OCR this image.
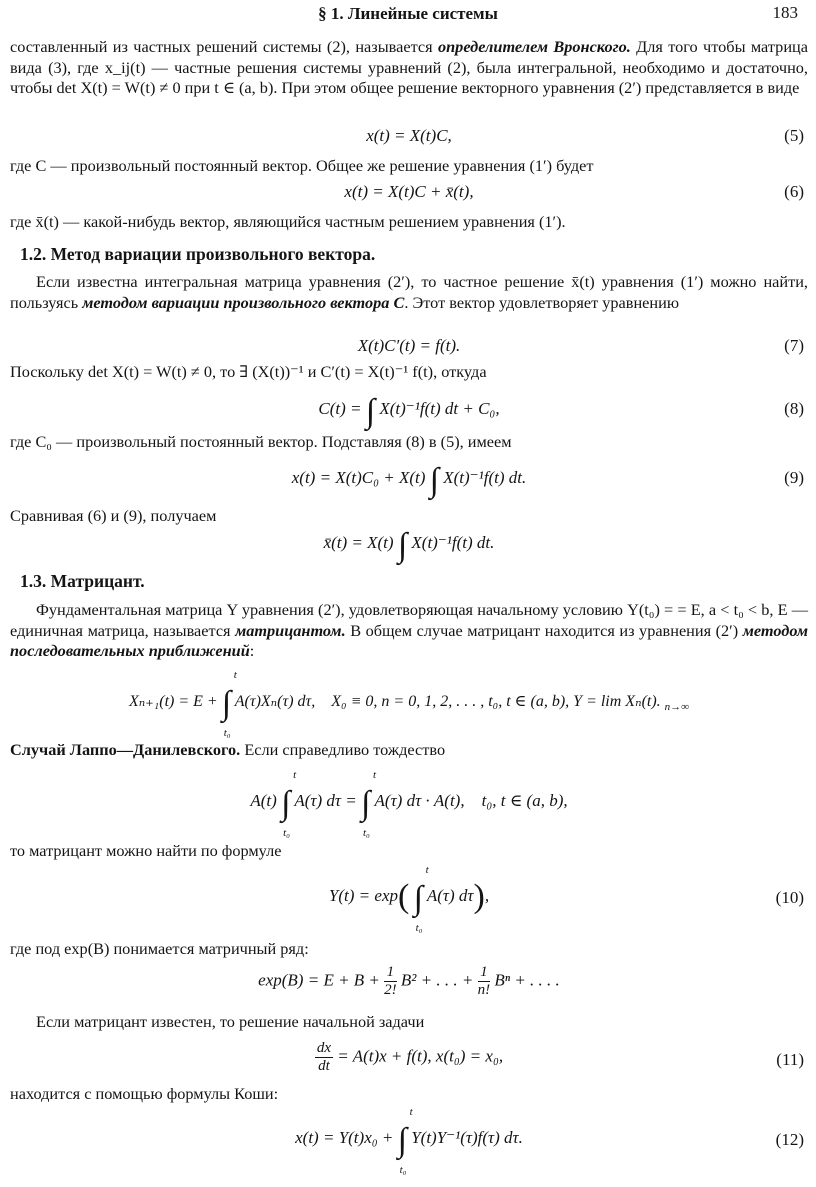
§ 1. Линейные системы	183
составленный из частных решений системы (2), называется определителем Вронского. Для того чтобы матрица вида (3), где x_ij(t) — частные решения системы уравнений (2), была интегральной, необходимо и достаточно, чтобы det X(t) = W(t) ≠ 0 при t ∈ (a, b). При этом общее решение векторного уравнения (2′) представляется в виде
x(t) = X(t)C,	(5)
где C — произвольный постоянный вектор. Общее же решение уравнения (1′) будет
x(t) = X(t)C + x̄(t),	(6)
где x̄(t) — какой-нибудь вектор, являющийся частным решением уравнения (1′).
1.2. Метод вариации произвольного вектора.
Если известна интегральная матрица уравнения (2′), то частное решение x̄(t) уравнения (1′) можно найти, пользуясь методом вариации произвольного вектора C. Этот вектор удовлетворяет уравнению
X(t)C′(t) = f(t).	(7)
Поскольку det X(t) = W(t) ≠ 0, то ∃ (X(t))⁻¹ и C′(t) = X(t)⁻¹ f(t), откуда
C(t) = ∫ X(t)⁻¹f(t) dt + C₀,	(8)
где C₀ — произвольный постоянный вектор. Подставляя (8) в (5), имеем
x(t) = X(t)C₀ + X(t) ∫ X(t)⁻¹f(t) dt.	(9)
Сравнивая (6) и (9), получаем
x̄(t) = X(t) ∫ X(t)⁻¹f(t) dt.
1.3. Матрицант.
Фундаментальная матрица Y уравнения (2′), удовлетворяющая начальному условию Y(t₀) = = E, a < t₀ < b, E — единичная матрица, называется матрицантом. В общем случае матрицант находится из уравнения (2′) методом последовательных приближений:
Xₙ₊₁(t) = E + ∫
t
t₀
A(τ)Xₙ(τ) dτ, X₀ ≡ 0, n = 0, 1, 2, . . . , t₀, t ∈ (a, b), Y = lim Xₙ(t). $_{n\to\infty}$
Случай Лаппо—Данилевского. Если справедливо тождество
A(t) ∫
t
t₀
A(τ) dτ = ∫
t
t₀
A(τ) dτ · A(t), t₀, t ∈ (a, b),
то матрицант можно найти по формуле
Y(t) = exp( ∫
t
t₀
A(τ) dτ),	(10)
где под exp(B) понимается матричный ряд:
$\exp(B) = E + B + \frac{1}{2!} B^2$ + . . . + $\frac{1}{n!}$ Bⁿ + . . . .
Если матрицант известен, то решение начальной задачи
$\frac{dx}{dt} = A(t)x + f(t)$, x(t₀) = x₀,	(11)
находится с помощью формулы Коши:
x(t) = Y(t)x₀ + ∫
t
t₀
Y(t)Y⁻¹(τ)f(τ) dτ.	(12)
